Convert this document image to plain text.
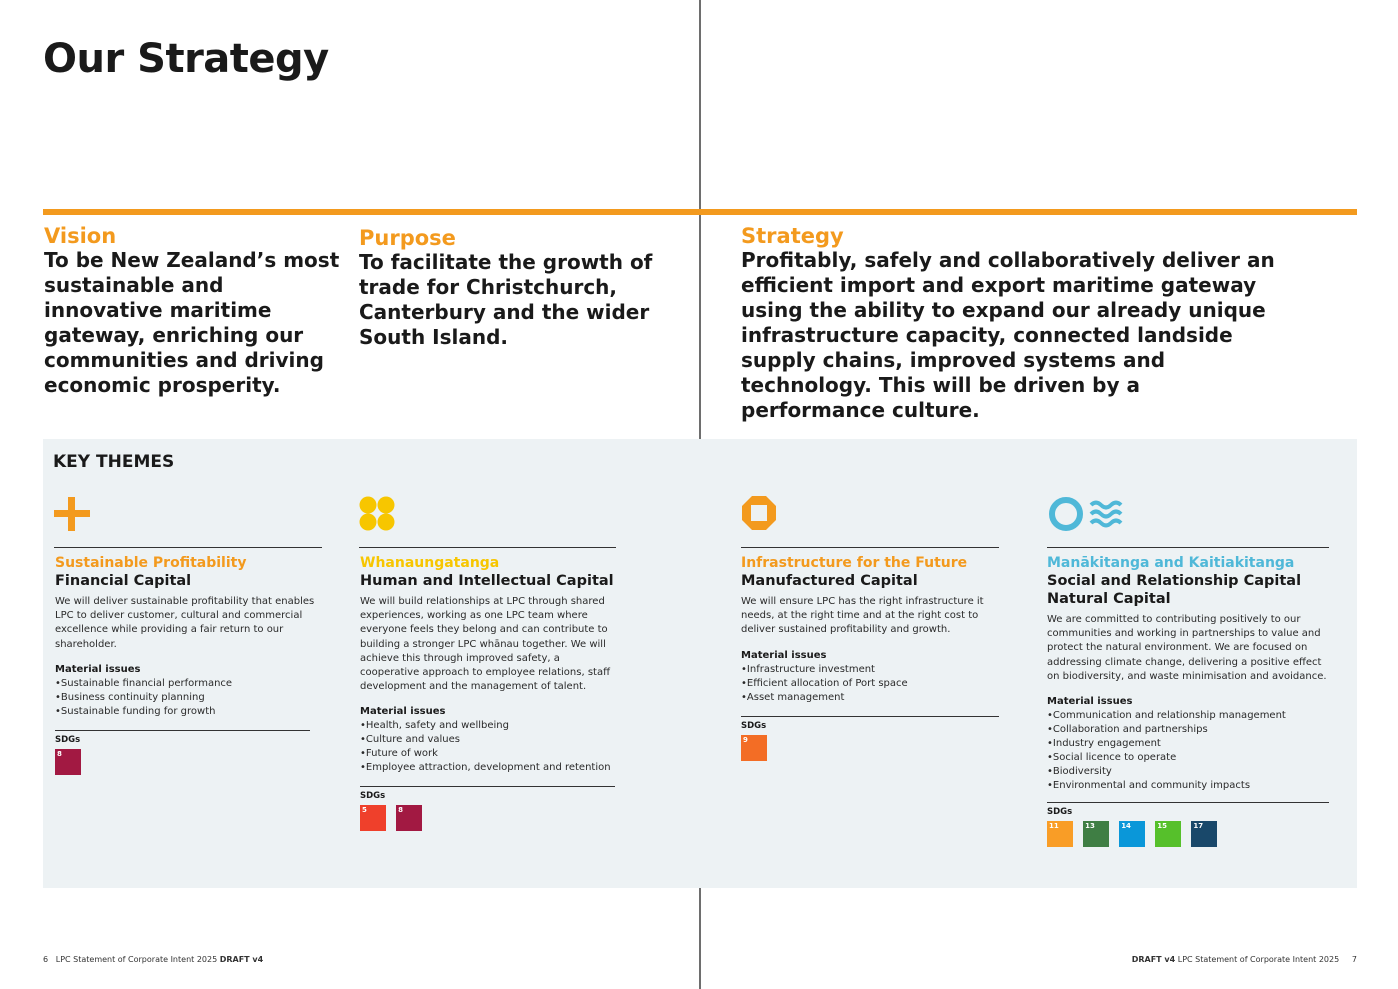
Our Strategy
Vision
To be New Zealand’s most sustainable and innovative maritime gateway, enriching our communities and driving economic prosperity.
Purpose
To facilitate the growth of trade for Christchurch, Canterbury and the wider South Island.
Strategy
Profitably, safely and collaboratively deliver an efficient import and export maritime gateway using the ability to expand our already unique infrastructure capacity, connected landside supply chains, improved systems and technology. This will be driven by a performance culture.
KEY THEMES
Sustainable Profitability
Financial Capital
We will deliver sustainable profitability that enables LPC to deliver customer, cultural and commercial excellence while providing a fair return to our shareholder.
Material issues
• Sustainable financial performance
• Business continuity planning
• Sustainable funding for growth
SDGs
8
Whanaungatanga
Human and Intellectual Capital
We will build relationships at LPC through shared experiences, working as one LPC team where everyone feels they belong and can contribute to building a stronger LPC whānau together. We will achieve this through improved safety, a cooperative approach to employee relations, staff development and the management of talent.
Material issues
• Health, safety and wellbeing
• Culture and values
• Future of work
• Employee attraction, development and retention
SDGs
5
	8
Infrastructure for the Future
Manufactured Capital
We will ensure LPC has the right infrastructure it needs, at the right time and at the right cost to deliver sustained profitability and growth.
Material issues
• Infrastructure investment
• Efficient allocation of Port space
• Asset management
SDGs
9
Manākitanga and Kaitiakitanga
Social and Relationship Capital
Natural Capital
We are committed to contributing positively to our communities and working in partnerships to value and protect the natural environment. We are focused on addressing climate change, delivering a positive effect on biodiversity, and waste minimisation and avoidance.
Material issues
• Communication and relationship management
• Collaboration and partnerships
• Industry engagement
• Social licence to operate
• Biodiversity
• Environmental and community impacts
SDGs
11
	13
	14
	15
	17
6 LPC Statement of Corporate Intent 2025 DRAFT v4	DRAFT v4 LPC Statement of Corporate Intent 2025 7
